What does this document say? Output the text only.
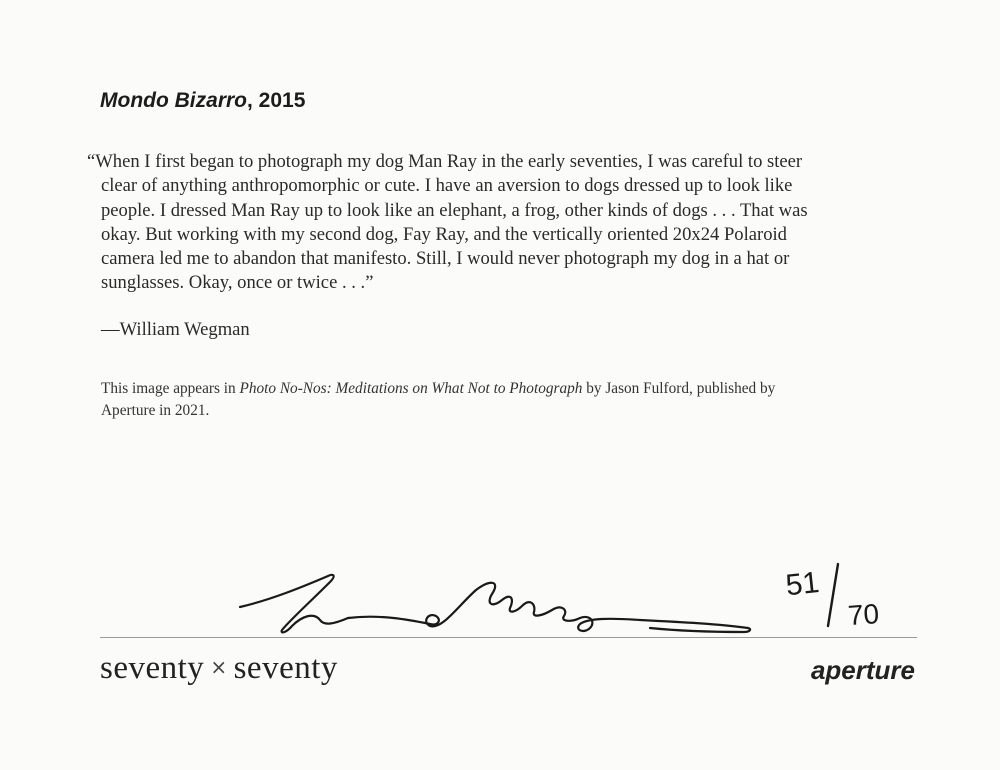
Mondo Bizarro, 2015
“When I first began to photograph my dog Man Ray in the early seventies, I was careful to steer
clear of anything anthropomorphic or cute. I have an aversion to dogs dressed up to look like
people. I dressed Man Ray up to look like an elephant, a frog, other kinds of dogs . . . That was
okay. But working with my second dog, Fay Ray, and the vertically oriented 20x24 Polaroid
camera led me to abandon that manifesto. Still, I would never photograph my dog in a hat or
sunglasses. Okay, once or twice . . .”
—William Wegman
This image appears in Photo No-Nos: Meditations on What Not to Photograph by Jason Fulford, published by
Aperture in 2021.
51
70
seventy × seventy	aperture
